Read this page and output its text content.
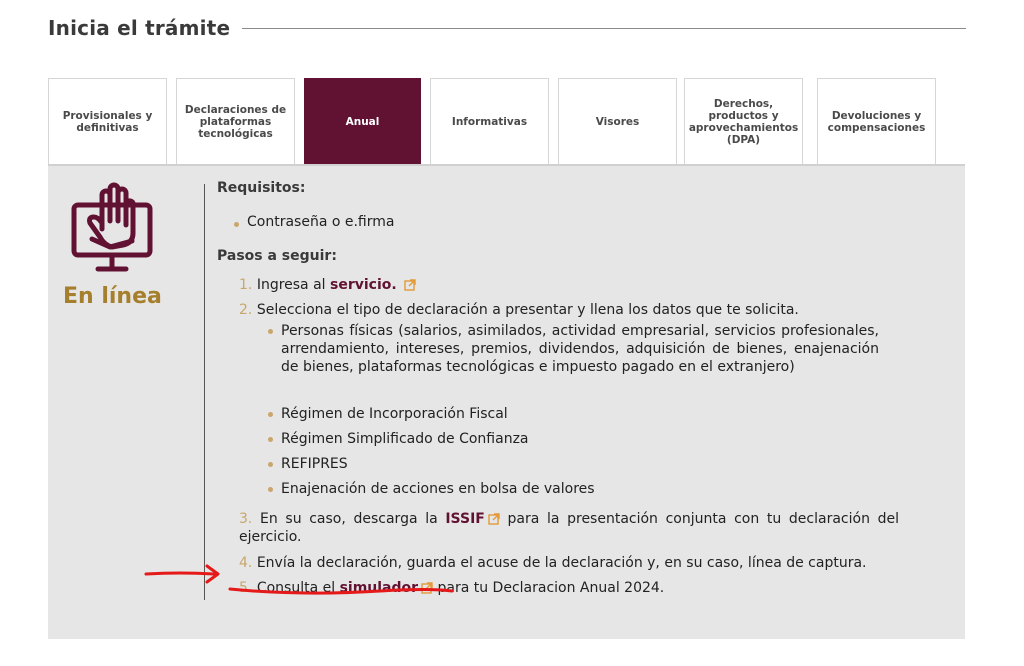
Inicia el trámite
Provisionales y definitivas
Declaraciones de plataformas tecnológicas
Anual	Informativas	Visores
Derechos, productos y aprovechamientos (DPA)
Devoluciones y compensaciones
En línea
Requisitos:
Contraseña o e.firma
Pasos a seguir:
1. Ingresa al servicio.
2. Selecciona el tipo de declaración a presentar y llena los datos que te solicita.
Personas físicas (salarios, asimilados, actividad empresarial, servicios profesionales, arrendamiento, intereses, premios, dividendos, adquisición de bienes, enajenación de bienes, plataformas tecnológicas e impuesto pagado en el extranjero)
Régimen de Incorporación Fiscal
Régimen Simplificado de Confianza
REFIPRES
Enajenación de acciones en bolsa de valores
3. En su caso, descarga la ISSIF para la presentación conjunta con tu declaración del ejercicio.
4. Envía la declaración, guarda el acuse de la declaración y, en su caso, línea de captura.
5. Consulta el simulador para tu Declaracion Anual 2024.
